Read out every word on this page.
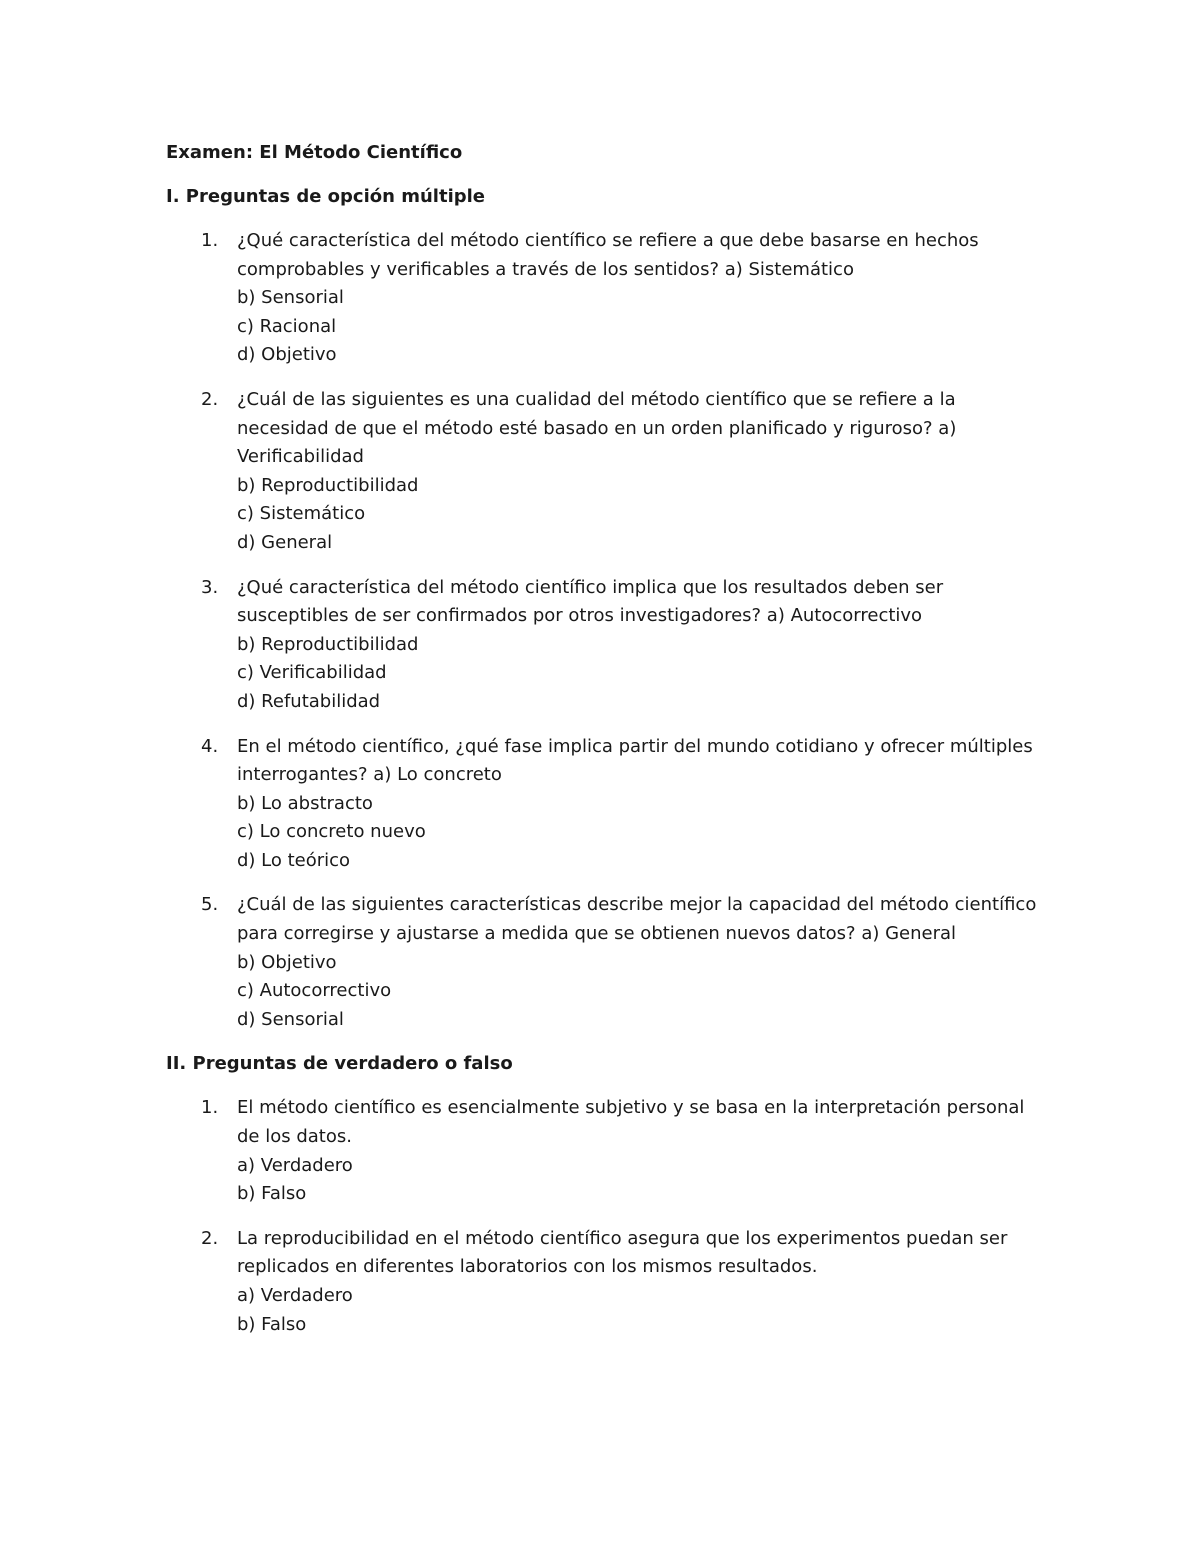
Examen: El Método Científico
I. Preguntas de opción múltiple
1. ¿Qué característica del método científico se refiere a que debe basarse en hechos comprobables y verificables a través de los sentidos? a) Sistemático
b) Sensorial
c) Racional
d) Objetivo
2. ¿Cuál de las siguientes es una cualidad del método científico que se refiere a la necesidad de que el método esté basado en un orden planificado y riguroso? a) Verificabilidad
b) Reproductibilidad
c) Sistemático
d) General
3. ¿Qué característica del método científico implica que los resultados deben ser susceptibles de ser confirmados por otros investigadores? a) Autocorrectivo
b) Reproductibilidad
c) Verificabilidad
d) Refutabilidad
4. En el método científico, ¿qué fase implica partir del mundo cotidiano y ofrecer múltiples interrogantes? a) Lo concreto
b) Lo abstracto
c) Lo concreto nuevo
d) Lo teórico
5. ¿Cuál de las siguientes características describe mejor la capacidad del método científico para corregirse y ajustarse a medida que se obtienen nuevos datos? a) General
b) Objetivo
c) Autocorrectivo
d) Sensorial
II. Preguntas de verdadero o falso
1. El método científico es esencialmente subjetivo y se basa en la interpretación personal de los datos.
a) Verdadero
b) Falso
2. La reproducibilidad en el método científico asegura que los experimentos puedan ser replicados en diferentes laboratorios con los mismos resultados.
a) Verdadero
b) Falso
